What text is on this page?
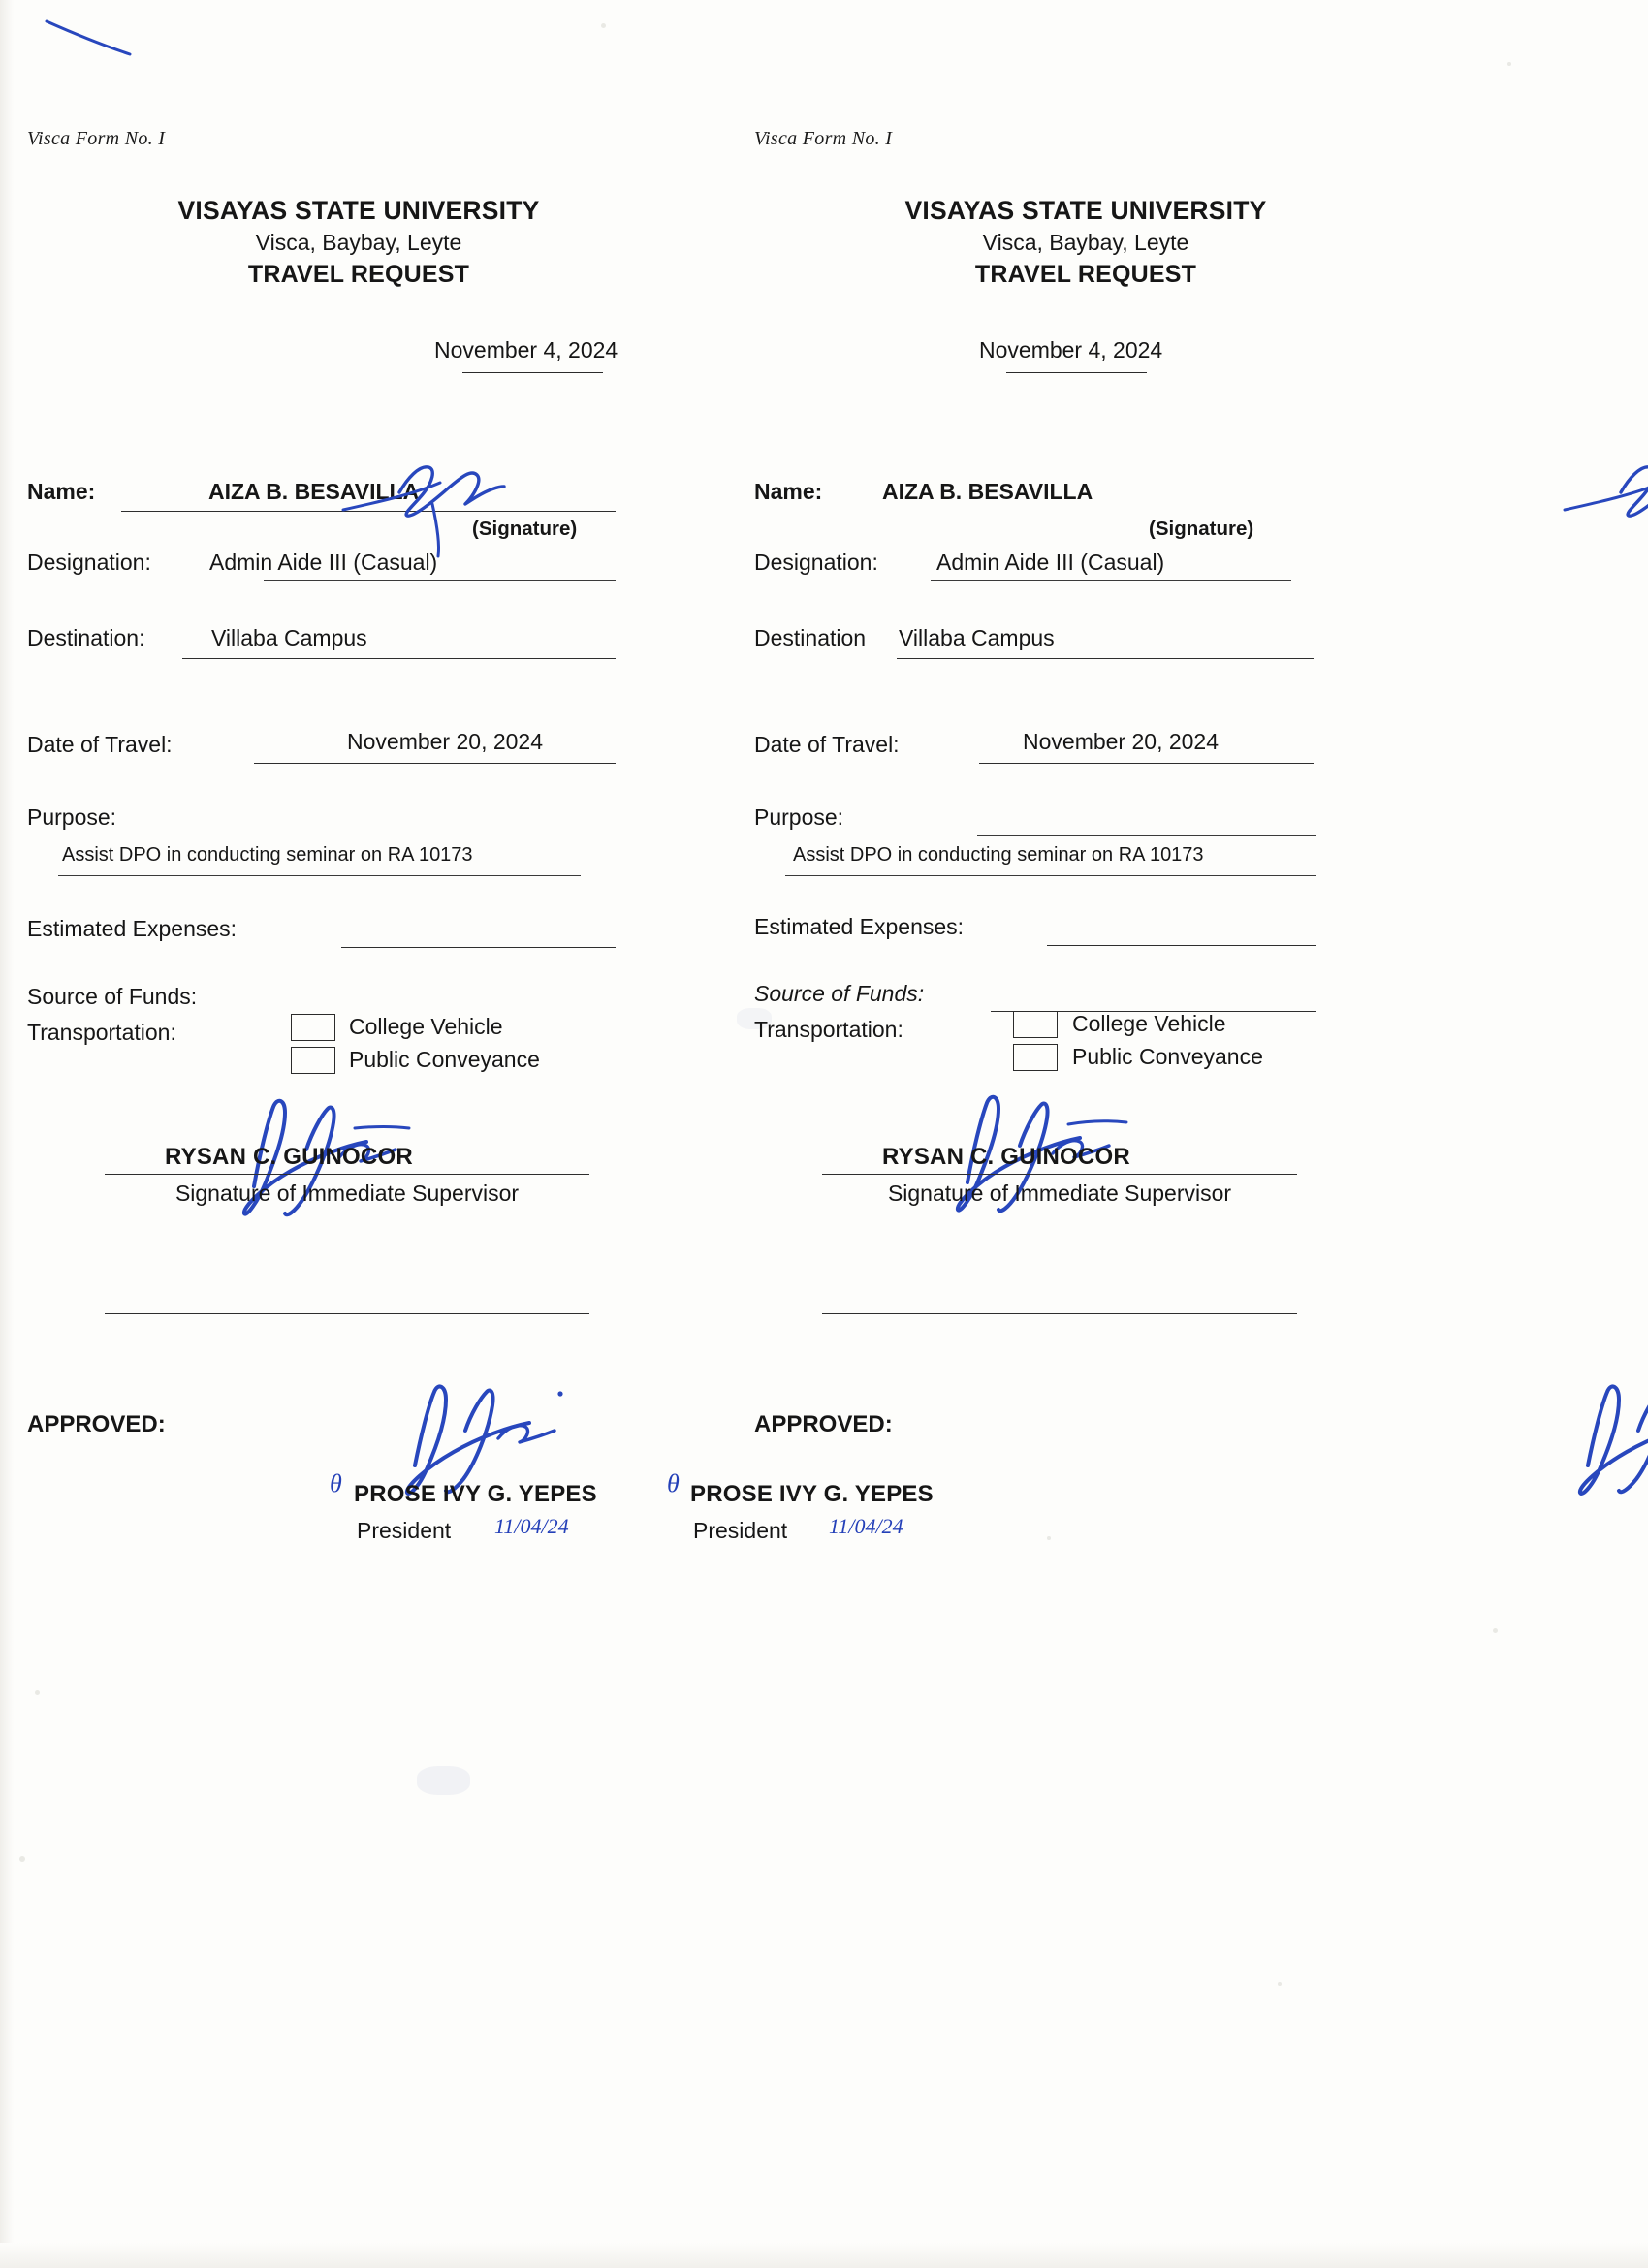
Visca Form No. I
VISAYAS STATE UNIVERSITY
Visca, Baybay, Leyte
TRAVEL REQUEST
November 4, 2024
Name:	AIZA B. BESAVILLA
(Signature)
Designation:	Admin Aide III (Casual)
Destination:	Villaba Campus
Date of Travel:	November 20, 2024
Purpose:
Assist DPO in conducting seminar on RA 10173
Estimated Expenses:
Source of Funds:
Transportation:	College Vehicle
Public Conveyance
RYSAN C. GUINOCOR
Signature of Immediate Supervisor
APPROVED:
θ PROSE IVY G. YEPES
President 11/04/24
Visca Form No. I
VISAYAS STATE UNIVERSITY
Visca, Baybay, Leyte
TRAVEL REQUEST
November 4, 2024
Name:	AIZA B. BESAVILLA
(Signature)
Designation:	Admin Aide III (Casual)
Destination Villaba Campus
Date of Travel:	November 20, 2024
Purpose:
Assist DPO in conducting seminar on RA 10173
Estimated Expenses:
Source of Funds:
Transportation:	College Vehicle
Public Conveyance
RYSAN C. GUINOCOR
Signature of Immediate Supervisor
APPROVED:
θ PROSE IVY G. YEPES
President 11/04/24
